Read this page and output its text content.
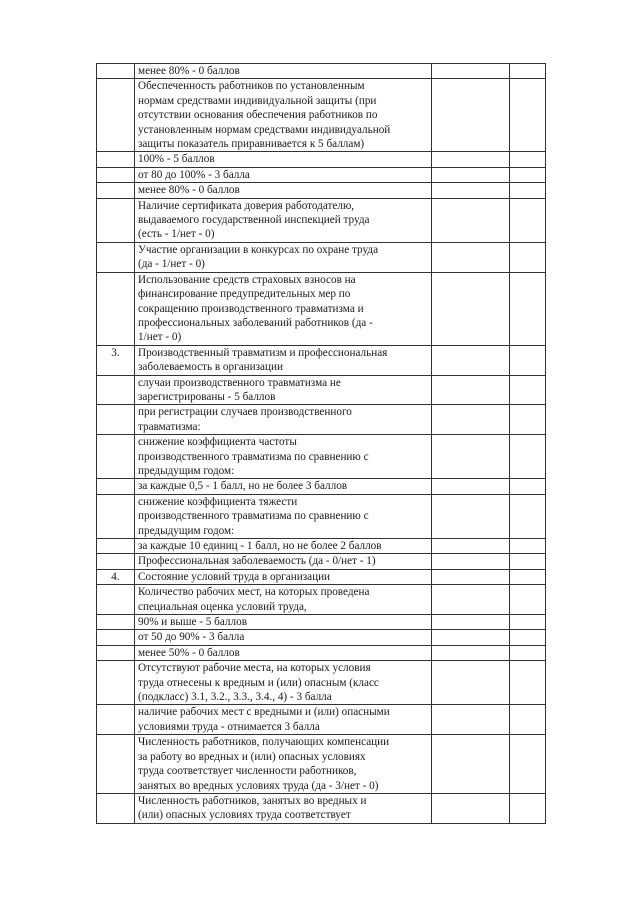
	менее 80% - 0 баллов		
	Обеспеченность работников по установленным
нормам средствами индивидуальной защиты (при
отсутствии основания обеспечения работников по
установленным нормам средствами индивидуальной
защиты показатель приравнивается к 5 баллам)		
	100% - 5 баллов		
	от 80 до 100% - 3 балла		
	менее 80% - 0 баллов		
	Наличие сертификата доверия работодателю,
выдаваемого государственной инспекцией труда
(есть - 1/нет - 0)		
	Участие организации в конкурсах по охране труда
(да - 1/нет - 0)		
	Использование средств страховых взносов на
финансирование предупредительных мер по
сокращению производственного травматизма и
профессиональных заболеваний работников (да -
1/нет - 0)		
3.	Производственный травматизм и профессиональная
заболеваемость в организации		
	случаи производственного травматизма не
зарегистрированы - 5 баллов		
	при регистрации случаев производственного
травматизма:		
	снижение коэффициента частоты
производственного травматизма по сравнению с
предыдущим годом:		
	за каждые 0,5 - 1 балл, но не более 3 баллов		
	снижение коэффициента тяжести
производственного травматизма по сравнению с
предыдущим годом:		
	за каждые 10 единиц - 1 балл, но не более 2 баллов		
	Профессиональная заболеваемость (да - 0/нет - 1)		
4.	Состояние условий труда в организации		
	Количество рабочих мест, на которых проведена
специальная оценка условий труда,		
	90% и выше - 5 баллов		
	от 50 до 90% - 3 балла		
	менее 50% - 0 баллов		
	Отсутствуют рабочие места, на которых условия
труда отнесены к вредным и (или) опасным (класс
(подкласс) 3.1, 3.2., 3.3., 3.4., 4) - 3 балла		
	наличие рабочих мест с вредными и (или) опасными
условиями труда - отнимается 3 балла		
	Численность работников, получающих компенсации
за работу во вредных и (или) опасных условиях
труда соответствует численности работников,
занятых во вредных условиях труда (да - 3/нет - 0)		
	Численность работников, занятых во вредных и
(или) опасных условиях труда соответствует		
